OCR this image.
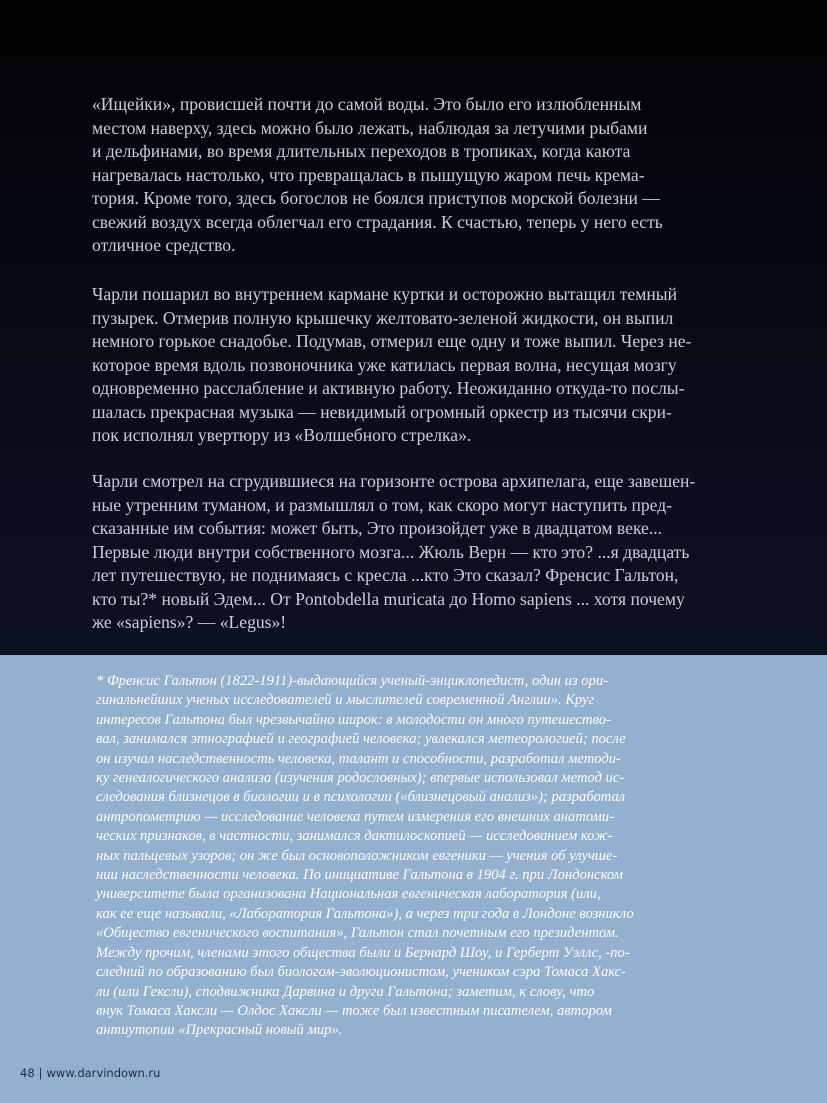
«Ищейки», провисшей почти до самой воды. Это было его излюбленным
местом наверху, здесь можно было лежать, наблюдая за летучими рыбами
и дельфинами, во время длительных переходов в тропиках, когда каюта
нагревалась настолько, что превращалась в пышущую жаром печь крема-
тория. Кроме того, здесь богослов не боялся приступов морской болезни —
свежий воздух всегда облегчал его страдания. К счастью, теперь у него есть
отличное средство.
Чарли пошарил во внутреннем кармане куртки и осторожно вытащил темный
пузырек. Отмерив полную крышечку желтовато-зеленой жидкости, он выпил
немного горькое снадобье. Подумав, отмерил еще одну и тоже выпил. Через не-
которое время вдоль позвоночника уже катилась первая волна, несущая мозгу
одновременно расслабление и активную работу. Неожиданно откуда-то послы-
шалась прекрасная музыка — невидимый огромный оркестр из тысячи скри-
пок исполнял увертюру из «Волшебного стрелка».
Чарли смотрел на сгрудившиеся на горизонте острова архипелага, еще завешен-
ные утренним туманом, и размышлял о том, как скоро могут наступить пред-
сказанные им события: может быть, Это произойдет уже в двадцатом веке...
Первые люди внутри собственного мозга... Жюль Верн — кто это? ...я двадцать
лет путешествую, не поднимаясь с кресла ...кто Это сказал? Френсис Гальтон,
кто ты?* новый Эдем... От Pontobdella muricata до Homo sapiens ... хотя почему
же «sapiens»? — «Legus»!
* Френсис Гальтон (1822-1911)-выдающийся ученый-энциклопедист, один из ори-
гинальнейших ученых исследователей и мыслителей современной Англии». Круг
интересов Гальтона был чрезвычайно широк: в молодости он много путешество-
вал, занимался этнографией и географией человека; увлекался метеорологией; после
он изучал наследственность человека, талант и способности, разработал методи-
ку генеалогического анализа (изучения родословных); впервые использовал метод ис-
следования близнецов в биологии и в психологии («близнецовый анализ»); разработал
антропометрию — исследование человека путем измерения его внешних анатоми-
ческих признаков, в частности, занимался дактилоскопией — исследованием кож-
ных пальцевых узоров; он же был основоположником евгеники — учения об улучше-
нии наследственности человека. По инициативе Гальтона в 1904 г. при Лондонском
университете была организована Национальная евгеническая лаборатория (или,
как ее еще называли, «Лаборатория Гальтона»), а через три года в Лондоне возникло
«Общество евгенического воспитания», Гальтон стал почетным его президентом.
Между прочим, членами этого общества были и Бернард Шоу, и Герберт Уэллс, -по-
следний по образованию был биологом-эволюционистом, учеником сэра Томаса Хакс-
ли (или Гексли), сподвижника Дарвина и друга Гальтона; заметим, к слову, что
внук Томаса Хаксли — Олдос Хаксли — тоже был известным писателем, автором
антиутопии «Прекрасный новый мир».
48 | www.darvindown.ru
